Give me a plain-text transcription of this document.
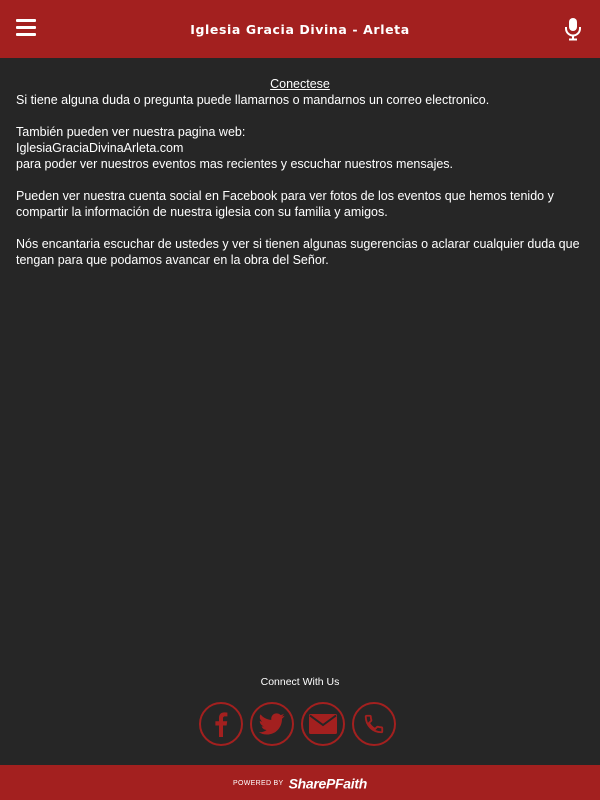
Iglesia Gracia Divina - Arleta
Conectese

Si tiene alguna duda o pregunta puede llamarnos o mandarnos un correo electronico.

También pueden ver nuestra pagina web:
IglesiaGraciaDivinaArleta.com
para poder ver nuestros eventos mas recientes y escuchar nuestros mensajes.

Pueden ver nuestra cuenta social en Facebook para ver fotos de los eventos que hemos tenido y compartir la información de nuestra iglesia con su familia y amigos.

Nós encantaria escuchar de ustedes y ver si tienen algunas sugerencias o aclarar cualquier duda que tengan para que podamos avancar en la obra del Señor.

Connect With Us
POWERED BY SharePFaith
